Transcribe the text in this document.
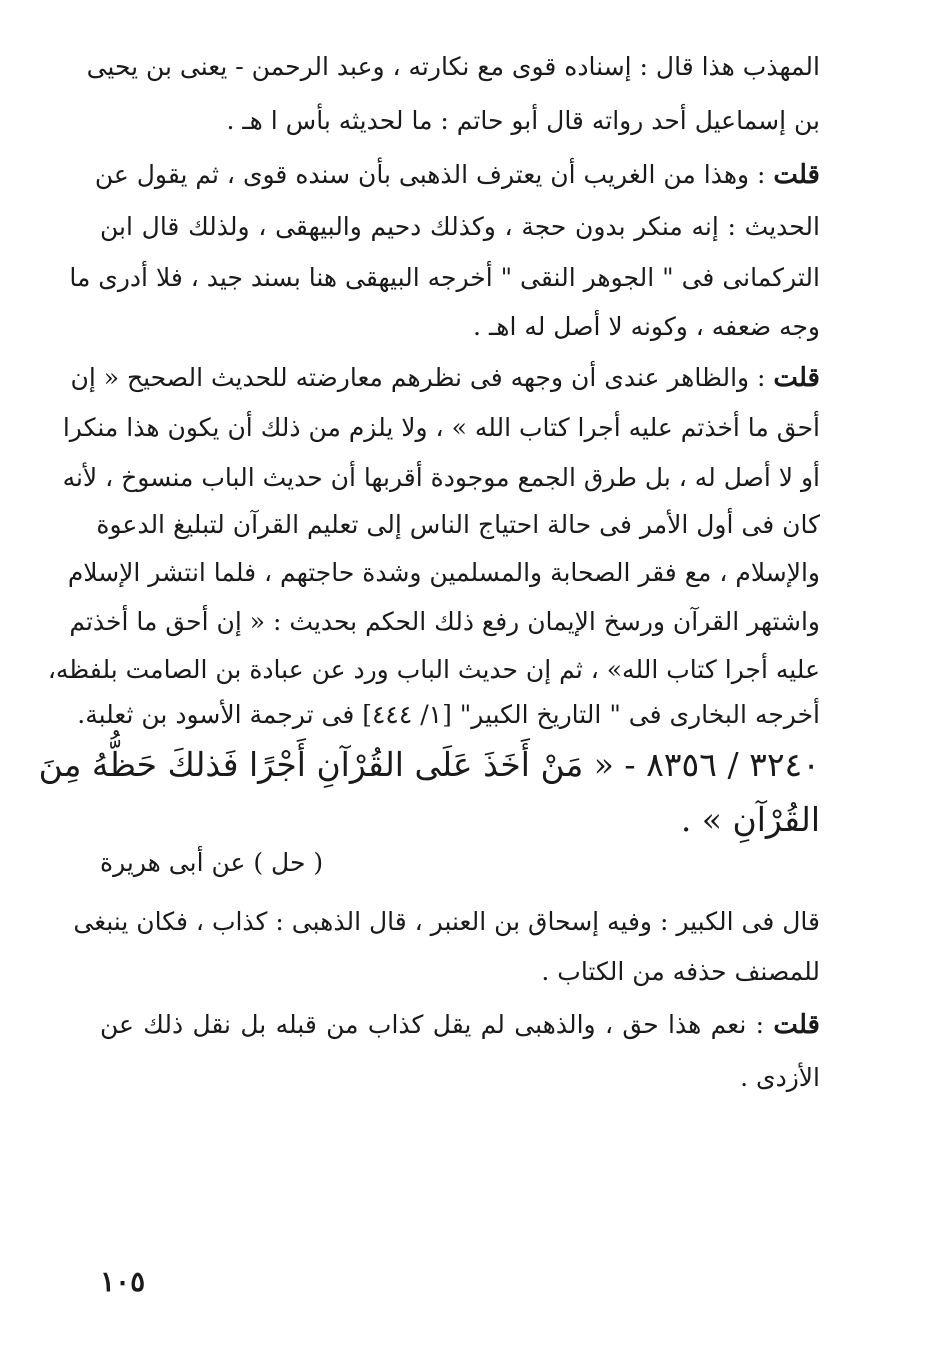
المهذب هذا قال : إسناده قوى مع نكارته ، وعبد الرحمن - يعنى بن يحيى
بن إسماعيل أحد رواته قال أبو حاتم : ما لحديثه بأس ا هـ .
قلت : وهذا من الغريب أن يعترف الذهبى بأن سنده قوى ، ثم يقول عن
الحديث : إنه منكر بدون حجة ، وكذلك دحيم والبيهقى ، ولذلك قال ابن
التركمانى فى " الجوهر النقى " أخرجه البيهقى هنا بسند جيد ، فلا أدرى ما
وجه ضعفه ، وكونه لا أصل له اهـ .
قلت : والظاهر عندى أن وجهه فى نظرهم معارضته للحديث الصحيح « إن
أحق ما أخذتم عليه أجرا كتاب الله » ، ولا يلزم من ذلك أن يكون هذا منكرا
أو لا أصل له ، بل طرق الجمع موجودة أقربها أن حديث الباب منسوخ ، لأنه
كان فى أول الأمر فى حالة احتياج الناس إلى تعليم القرآن لتبليغ الدعوة
والإسلام ، مع فقر الصحابة والمسلمين وشدة حاجتهم ، فلما انتشر الإسلام
واشتهر القرآن ورسخ الإيمان رفع ذلك الحكم بحديث : « إن أحق ما أخذتم
عليه أجرا كتاب الله» ، ثم إن حديث الباب ورد عن عبادة بن الصامت بلفظه،
أخرجه البخارى فى " التاريخ الكبير" [١/ ٤٤٤] فى ترجمة الأسود بن ثعلبة.
٣٢٤٠ / ٨٣٥٦ - « مَنْ أَخَذَ عَلَى القُرْآنِ أَجْرًا فَذلكَ حَظُّهُ مِنَ
القُرْآنِ » .
( حل ) عن أبى هريرة
قال فى الكبير : وفيه إسحاق بن العنبر ، قال الذهبى : كذاب ، فكان ينبغى
للمصنف حذفه من الكتاب .
قلت : نعم هذا حق ، والذهبى لم يقل كذاب من قبله بل نقل ذلك عن
الأزدى .
١٠٥
